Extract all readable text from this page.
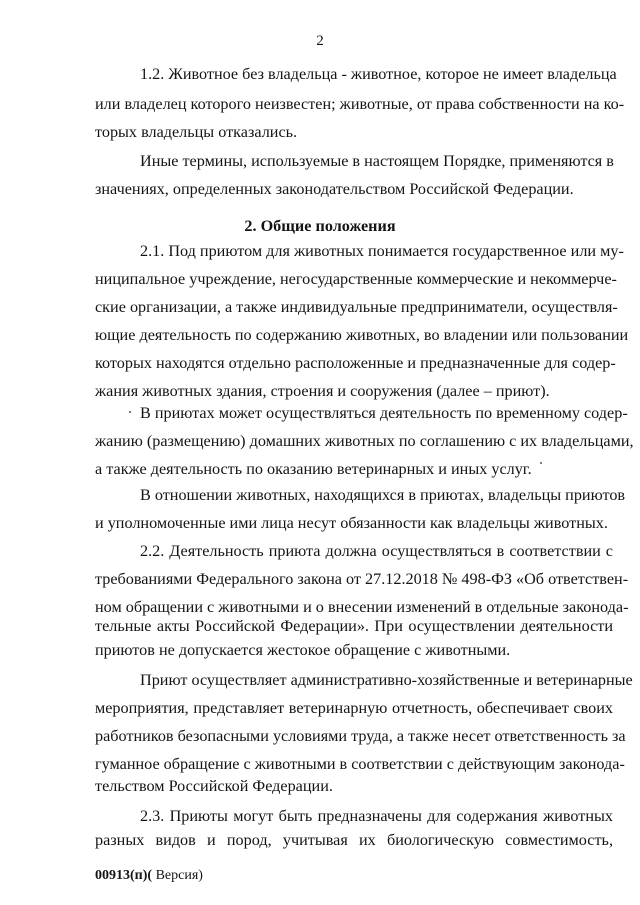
2
1.2. Животное без владельца - животное, которое не имеет владельца
или владелец которого неизвестен; животные, от права собственности на ко-
торых владельцы отказались.
Иные термины, используемые в настоящем Порядке, применяются в
значениях, определенных законодательством Российской Федерации.
2. Общие положения
2.1. Под приютом для животных понимается государственное или му-
ниципальное учреждение, негосударственные коммерческие и некоммерче-
ские организации, а также индивидуальные предприниматели, осуществля-
ющие деятельность по содержанию животных, во владении или пользовании
которых находятся отдельно расположенные и предназначенные для содер-
жания животных здания, строения и сооружения (далее – приют).
В приютах может осуществляться деятельность по временному содер-
жанию (размещению) домашних животных по соглашению с их владельцами,
а также деятельность по оказанию ветеринарных и иных услуг.
В отношении животных, находящихся в приютах, владельцы приютов
и уполномоченные ими лица несут обязанности как владельцы животных.
2.2. Деятельность приюта должна осуществляться в соответствии с
требованиями Федерального закона от 27.12.2018 № 498-ФЗ «Об ответствен-
ном обращении с животными и о внесении изменений в отдельные законода-
тельные акты Российской Федерации». При осуществлении деятельности
приютов не допускается жестокое обращение с животными.
Приют осуществляет административно-хозяйственные и ветеринарные
мероприятия, представляет ветеринарную отчетность, обеспечивает своих
работников безопасными условиями труда, а также несет ответственность за
гуманное обращение с животными в соответствии с действующим законода-
тельством Российской Федерации.
2.3. Приюты могут быть предназначены для содержания животных
разных видов и пород, учитывая их биологическую совместимость,
00913(п)( Версия)
